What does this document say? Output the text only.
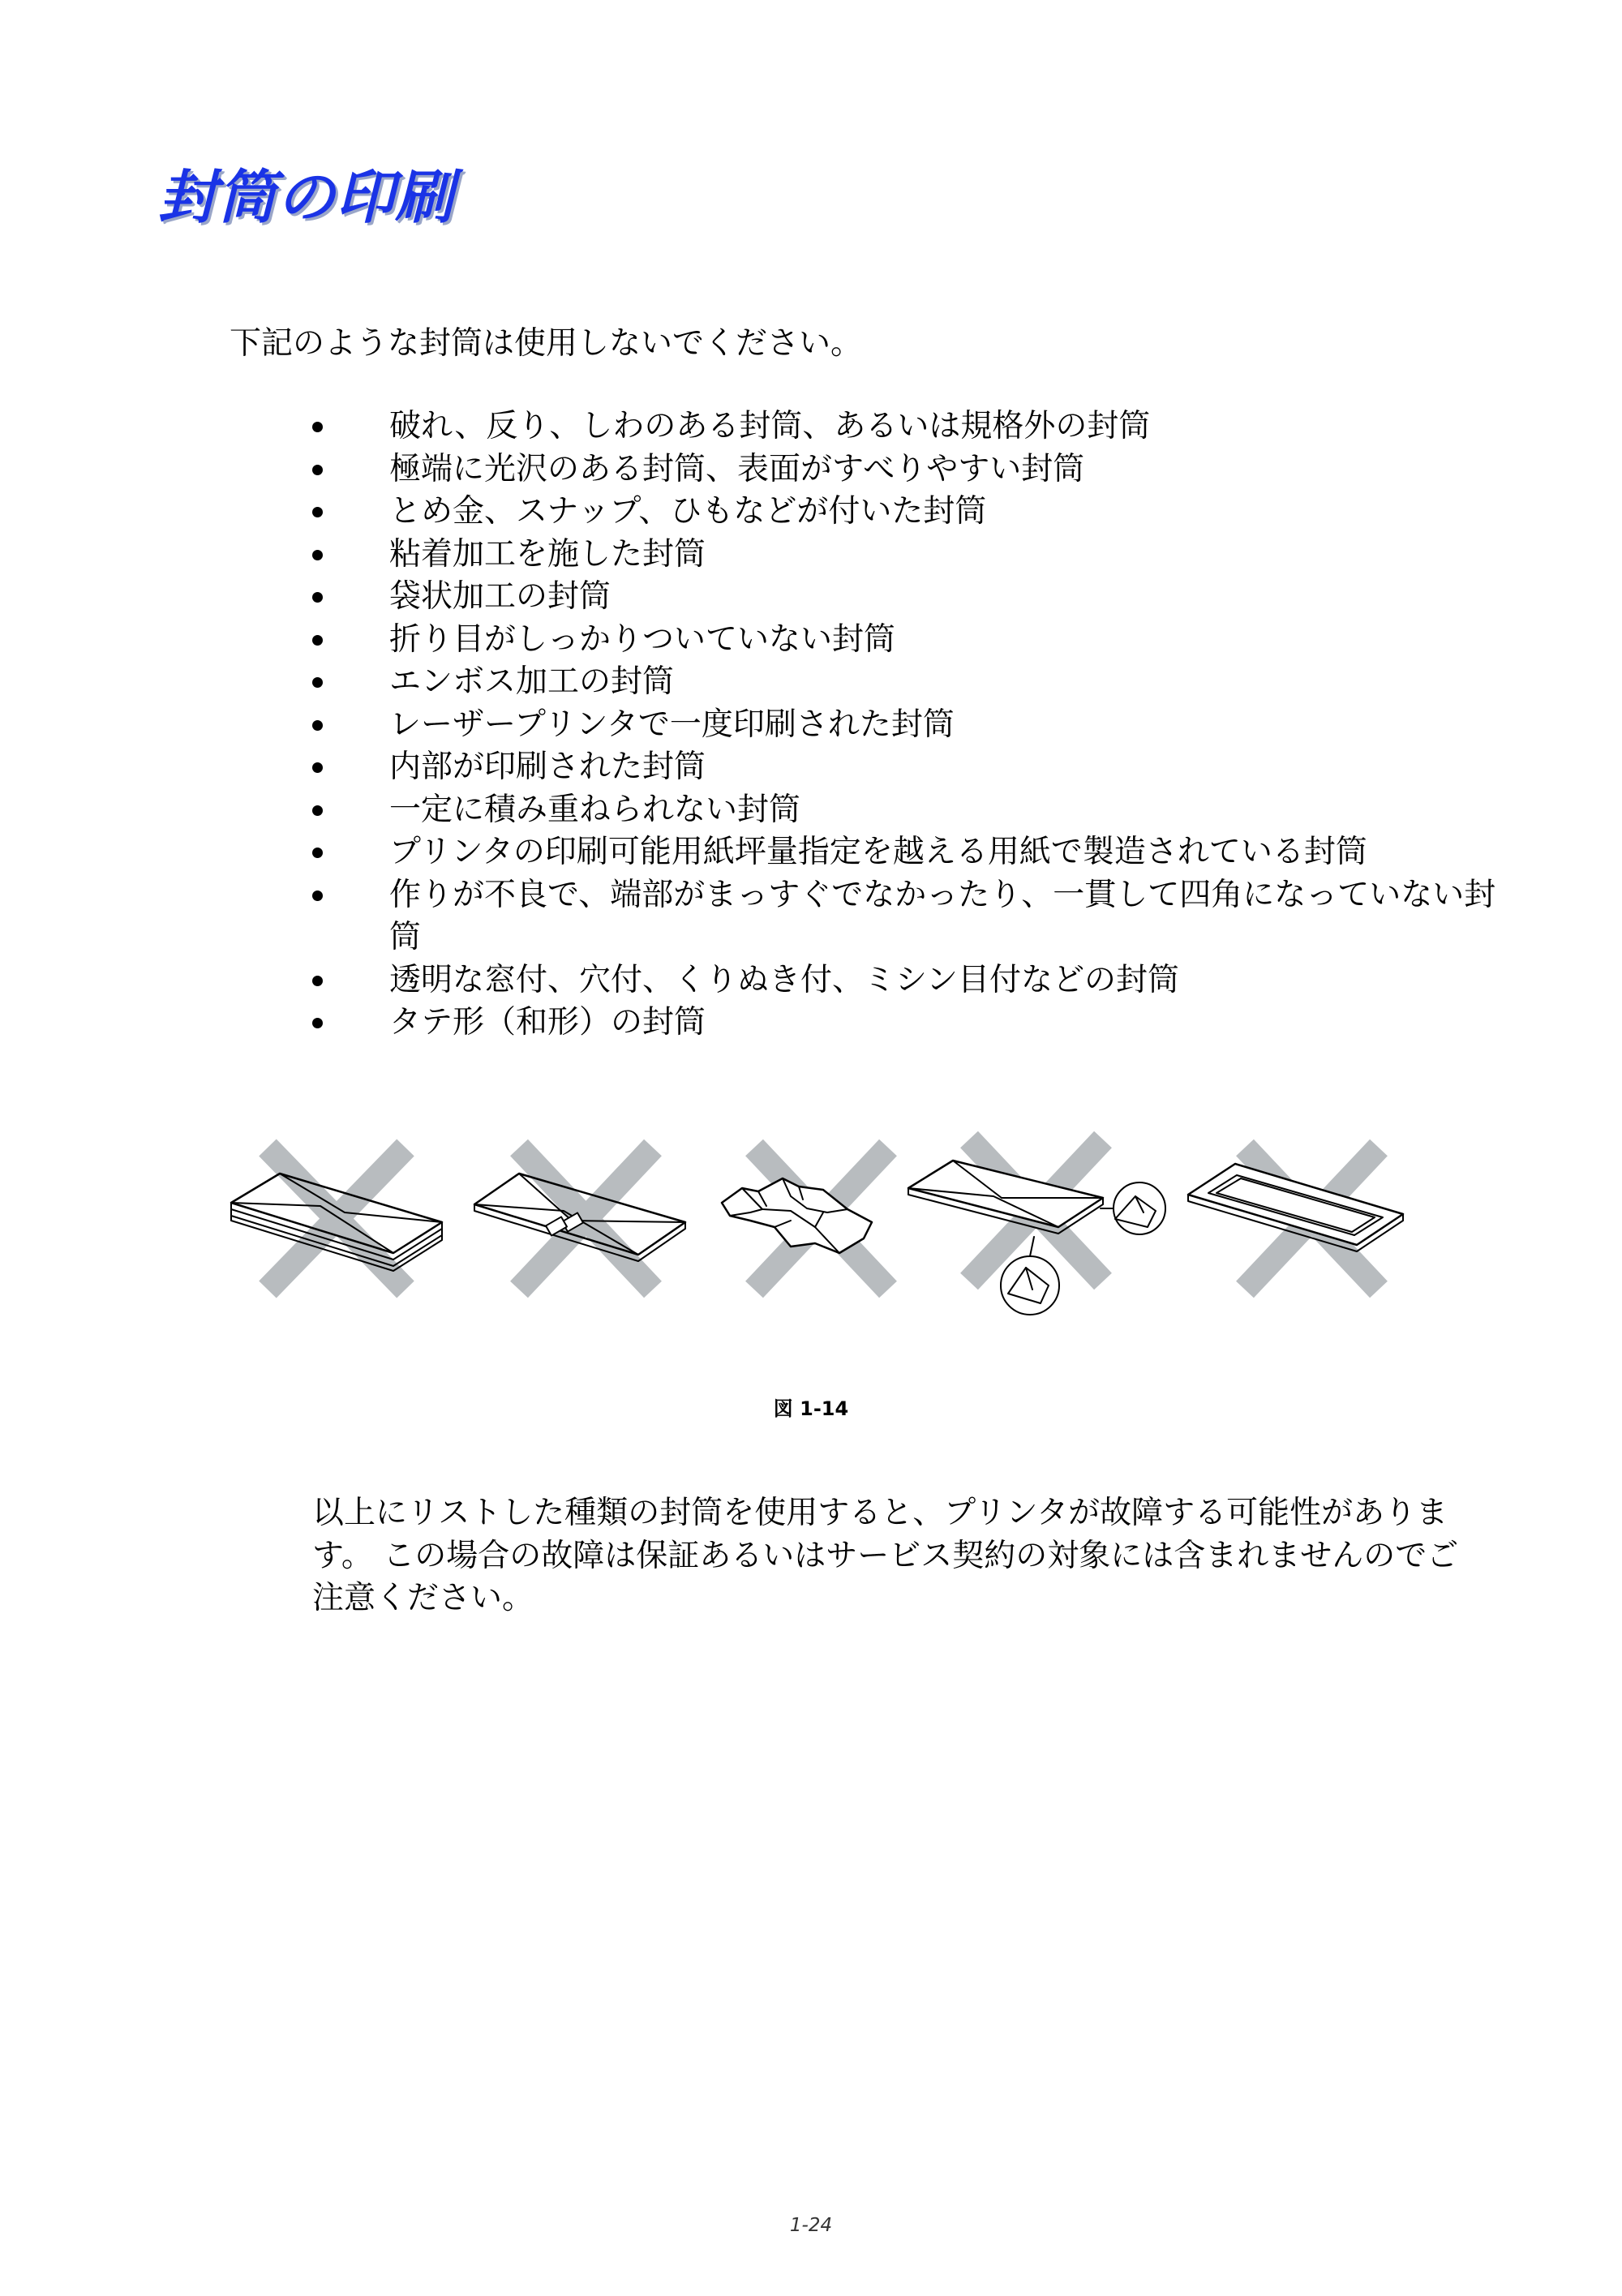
封筒の印刷

下記のような封筒は使用しないでください。

破れ、反り、しわのある封筒、あるいは規格外の封筒
極端に光沢のある封筒、表面がすべりやすい封筒
とめ金、スナップ、ひもなどが付いた封筒
粘着加工を施した封筒
袋状加工の封筒
折り目がしっかりついていない封筒
エンボス加工の封筒
レーザープリンタで一度印刷された封筒
内部が印刷された封筒
一定に積み重ねられない封筒
プリンタの印刷可能用紙坪量指定を越える用紙で製造されている封筒
作りが不良で、端部がまっすぐでなかったり、一貫して四角になっていない封筒
透明な窓付、穴付、くりぬき付、ミシン目付などの封筒
タテ形（和形）の封筒
図 1-14

以上にリストした種類の封筒を使用すると、プリンタが故障する可能性があります。 この場合の故障は保証あるいはサービス契約の対象には含まれませんのでご注意ください。

1-24
